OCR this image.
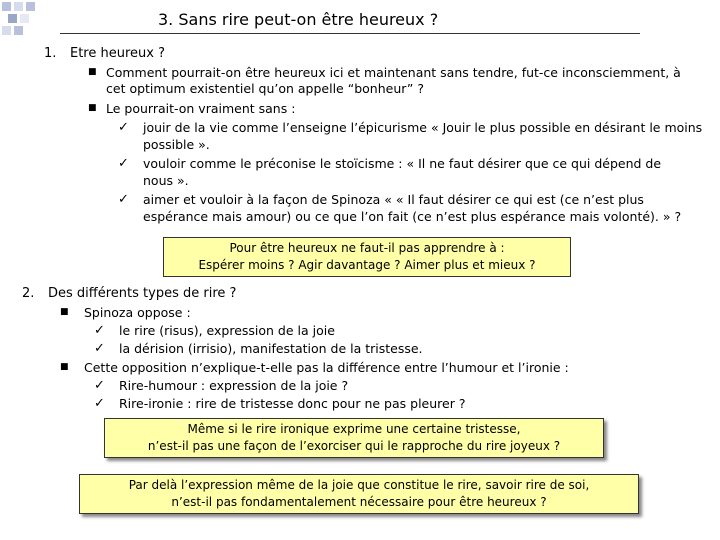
3. Sans rire peut-on être heureux ?
1. Etre heureux ?
■ Comment pourrait-on être heureux ici et maintenant sans tendre, fut-ce inconsciemment, à
cet optimum existentiel qu’on appelle “bonheur” ?
■ Le pourrait-on vraiment sans :
✓ jouir de la vie comme l’enseigne l’épicurisme « Jouir le plus possible en désirant le moins
possible ».
✓ vouloir comme le préconise le stoïcisme : « Il ne faut désirer que ce qui dépend de
nous ».
✓ aimer et vouloir à la façon de Spinoza « « Il faut désirer ce qui est (ce n’est plus
espérance mais amour) ou ce que l’on fait (ce n’est plus espérance mais volonté). » ?
Pour être heureux ne faut-il pas apprendre à :
Espérer moins ? Agir davantage ? Aimer plus et mieux ?
2. Des différents types de rire ?
■ Spinoza oppose :
✓ le rire (risus), expression de la joie
✓ la dérision (irrisio), manifestation de la tristesse.
■ Cette opposition n’expliquе-t-elle pas la différence entre l’humour et l’ironie :
✓ Rire-humour : expression de la joie ?
✓ Rire-ironie : rire de tristesse donc pour ne pas pleurer ?
Même si le rire ironique exprime une certaine tristesse,
n’est-il pas une façon de l’exorciser qui le rapproche du rire joyeux ?
Par delà l’expression même de la joie que constitue le rire, savoir rire de soi,
n’est-il pas fondamentalement nécessaire pour être heureux ?
